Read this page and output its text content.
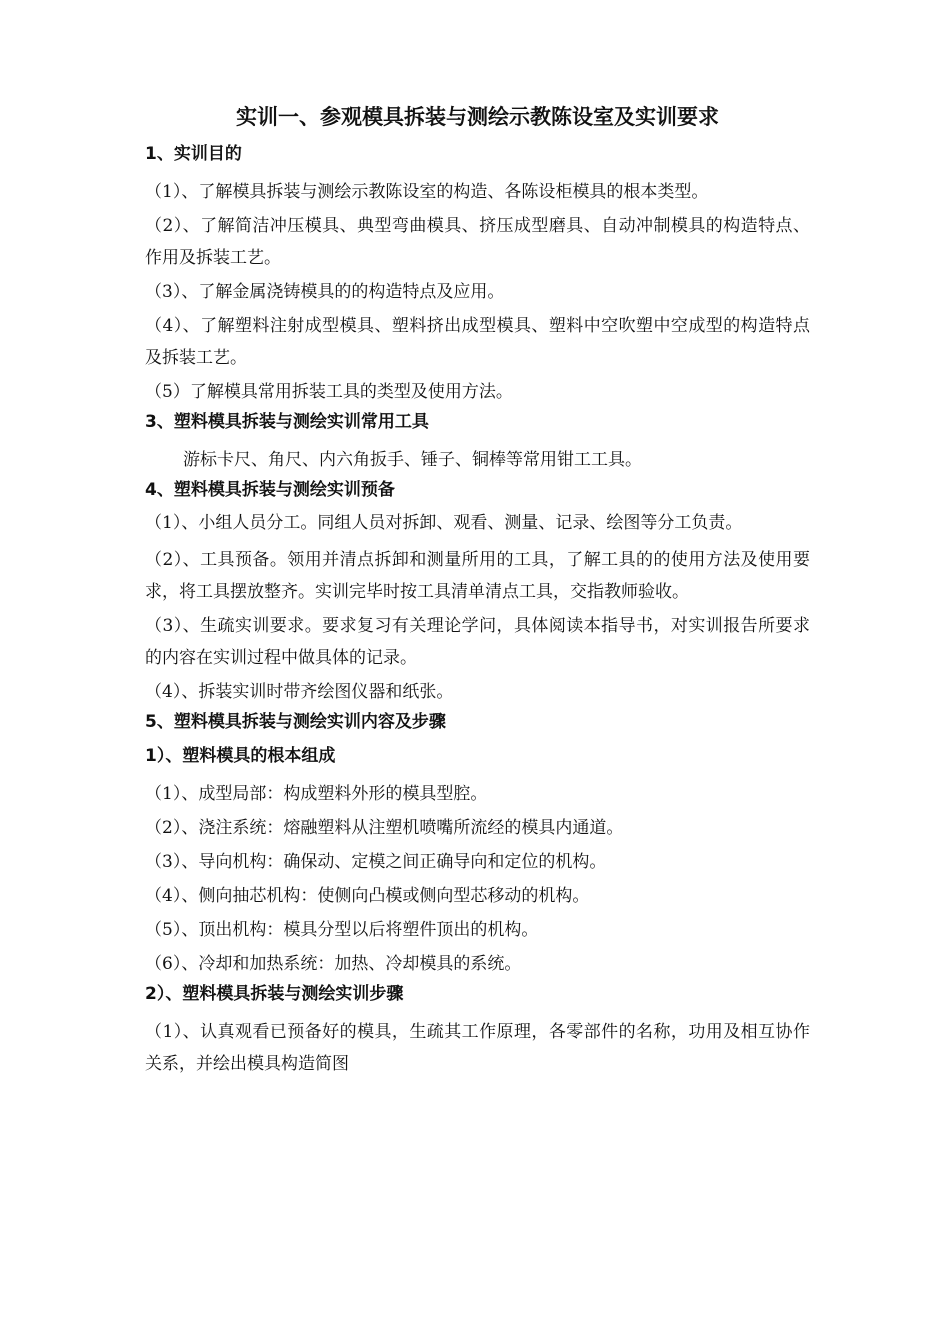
实训一、参观模具拆装与测绘示教陈设室及实训要求
1、实训目的

（1）、了解模具拆装与测绘示教陈设室的构造、各陈设柜模具的根本类型。

（2）、了解简洁冲压模具、典型弯曲模具、挤压成型磨具、自动冲制模具的构造特点、作用及拆装工艺。

（3）、了解金属浇铸模具的的构造特点及应用。

（4）、了解塑料注射成型模具、塑料挤出成型模具、塑料中空吹塑中空成型的构造特点及拆装工艺。

（5）了解模具常用拆装工具的类型及使用方法。

3、塑料模具拆装与测绘实训常用工具

游标卡尺、角尺、内六角扳手、锤子、铜棒等常用钳工工具。

4、塑料模具拆装与测绘实训预备

（1）、小组人员分工。同组人员对拆卸、观看、测量、记录、绘图等分工负责。

（2）、工具预备。领用并清点拆卸和测量所用的工具，了解工具的的使用方法及使用要求，将工具摆放整齐。实训完毕时按工具清单清点工具，交指教师验收。

（3）、生疏实训要求。要求复习有关理论学问，具体阅读本指导书，对实训报告所要求的内容在实训过程中做具体的记录。

（4）、拆装实训时带齐绘图仪器和纸张。

5、塑料模具拆装与测绘实训内容及步骤
1）、塑料模具的根本组成

（1）、成型局部：构成塑料外形的模具型腔。

（2）、浇注系统：熔融塑料从注塑机喷嘴所流经的模具内通道。

（3）、导向机构：确保动、定模之间正确导向和定位的机构。

（4）、侧向抽芯机构：使侧向凸模或侧向型芯移动的机构。

（5）、顶出机构：模具分型以后将塑件顶出的机构。

（6）、冷却和加热系统：加热、冷却模具的系统。

2）、塑料模具拆装与测绘实训步骤

（1）、认真观看已预备好的模具，生疏其工作原理，各零部件的名称，功用及相互协作关系，并绘出模具构造简图
